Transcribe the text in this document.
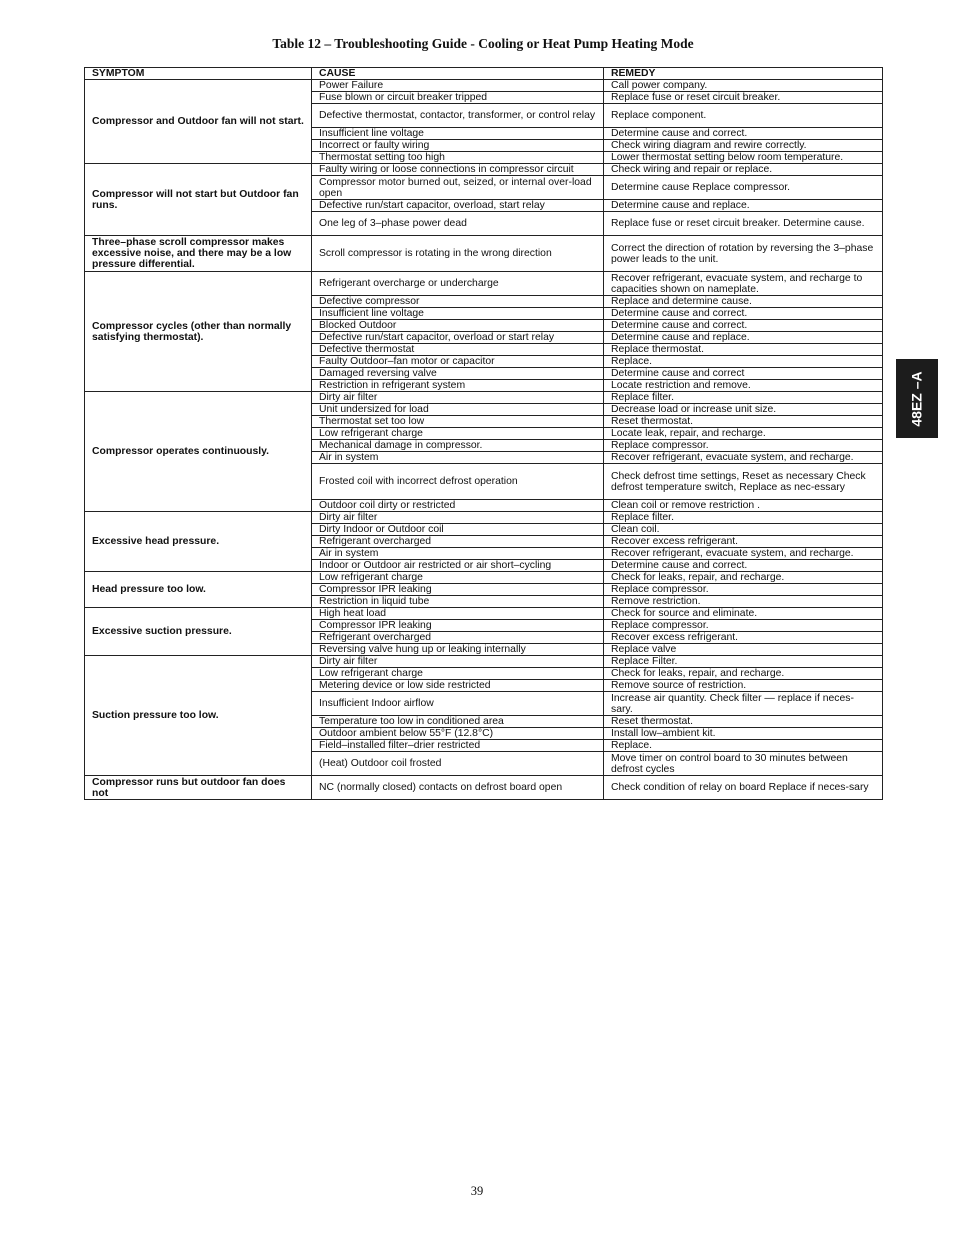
Table 12 – Troubleshooting Guide - Cooling or Heat Pump Heating Mode
SYMPTOM	CAUSE	REMEDY
Compressor and Outdoor fan will not start.	Power Failure	Call power company.
	Fuse blown or circuit breaker tripped	Replace fuse or reset circuit breaker.
	Defective thermostat, contactor, transformer, or control relay	Replace component.
	Insufficient line voltage	Determine cause and correct.
	Incorrect or faulty wiring	Check wiring diagram and rewire correctly.
	Thermostat setting too high	Lower thermostat setting below room temperature.
Compressor will not start but Outdoor fan runs.	Faulty wiring or loose connections in compressor circuit	Check wiring and repair or replace.
	Compressor motor burned out, seized, or internal over-load open	Determine cause Replace compressor.
	Defective run/start capacitor, overload, start relay	Determine cause and replace.
	One leg of 3–phase power dead	Replace fuse or reset circuit breaker. Determine cause.
Three–phase scroll compressor makes excessive noise, and there may be a low pressure differential.	Scroll compressor is rotating in the wrong direction	Correct the direction of rotation by reversing the 3–phase power leads to the unit.
Compressor cycles (other than normally satisfying thermostat).	Refrigerant overcharge or undercharge	Recover refrigerant, evacuate system, and recharge to capacities shown on nameplate.
	Defective compressor	Replace and determine cause.
	Insufficient line voltage	Determine cause and correct.
	Blocked Outdoor	Determine cause and correct.
	Defective run/start capacitor, overload or start relay	Determine cause and replace.
	Defective thermostat	Replace thermostat.
	Faulty Outdoor–fan motor or capacitor	Replace.
	Damaged reversing valve	Determine cause and correct
	Restriction in refrigerant system	Locate restriction and remove.
Compressor operates continuously.	Dirty air filter	Replace filter.
	Unit undersized for load	Decrease load or increase unit size.
	Thermostat set too low	Reset thermostat.
	Low refrigerant charge	Locate leak, repair, and recharge.
	Mechanical damage in compressor.	Replace compressor.
	Air in system	Recover refrigerant, evacuate system, and recharge.
	Frosted coil with incorrect defrost operation	Check defrost time settings, Reset as necessary Check defrost temperature switch, Replace as nec-essary
	Outdoor coil dirty or restricted	Clean coil or remove restriction .
Excessive head pressure.	Dirty air filter	Replace filter.
	Dirty Indoor or Outdoor coil	Clean coil.
	Refrigerant overcharged	Recover excess refrigerant.
	Air in system	Recover refrigerant, evacuate system, and recharge.
	Indoor or Outdoor air restricted or air short–cycling	Determine cause and correct.
Head pressure too low.	Low refrigerant charge	Check for leaks, repair, and recharge.
	Compressor IPR leaking	Replace compressor.
	Restriction in liquid tube	Remove restriction.
Excessive suction pressure.	High heat load	Check for source and eliminate.
	Compressor IPR leaking	Replace compressor.
	Refrigerant overcharged	Recover excess refrigerant.
	Reversing valve hung up or leaking internally	Replace valve
Suction pressure too low.	Dirty air filter	Replace Filter.
	Low refrigerant charge	Check for leaks, repair, and recharge.
	Metering device or low side restricted	Remove source of restriction.
	Insufficient Indoor airflow	Increase air quantity. Check filter — replace if neces-sary.
	Temperature too low in conditioned area	Reset thermostat.
	Outdoor ambient below 55°F (12.8°C)	Install low–ambient kit.
	Field–installed filter–drier restricted	Replace.
	(Heat) Outdoor coil frosted	Move timer on control board to 30 minutes between defrost cycles
Compressor runs but outdoor fan does not	NC (normally closed) contacts on defrost board open	Check condition of relay on board Replace if neces-sary
48EZ –A
39
